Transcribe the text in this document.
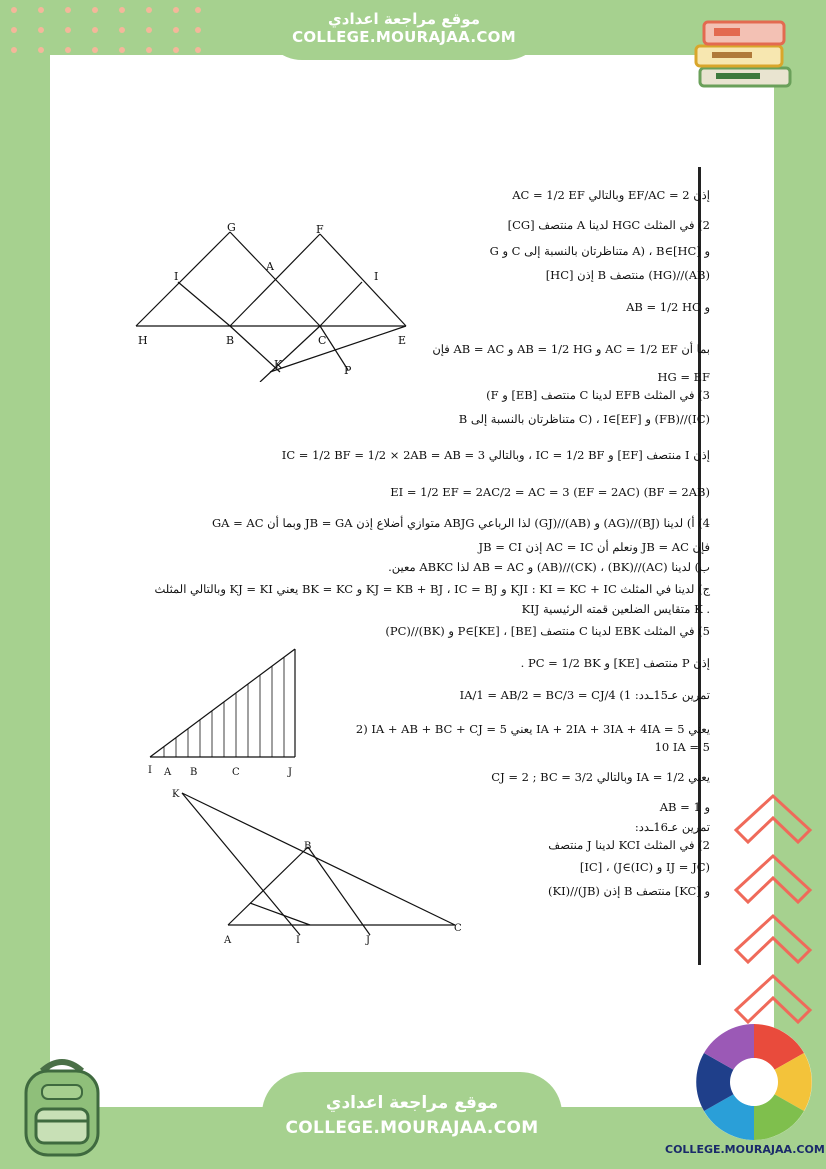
موقع مراجعة اعدادي
COLLEGE.MOURAJAA.COM
G	F
A
I	I
H	B	C	E
K	P
I A B	C	J
K
B
A	I	J
C
إذن EF/AC = 2 وبالتالي AC = 1/2 EF
2) في المثلث HGC لدينا A منتصف [CG]
G و C متناظرتان بالنسبة إلى A) ، B∈[HC] و
[HC] إذن B منتصف (HG)//(AB)
AB = 1/2 HC و
بما أن AC = 1/2 EF و AB = 1/2 HG و AB = AC فإن
HG = EF
3) في المثلث EFB لدينا C منتصف [EB] و F)
B متناظرتان بالنسبة إلى C) ، I∈[EF] و (FB)//(IC)
إذن I منتصف [EF] و IC = 1/2 BF ، وبالتالي IC = 1/2 BF = 1/2 × 2AB = AB = 3
EI = 1/2 EF = 2AC/2 = AC = 3 (EF = 2AC) (BF = 2AB)
4) أ) لدينا (BJ)//(AG) و (AB)//(GJ) لذا الرباعي ABJG متوازي أضلاع إذن JB = GA وبما أن GA = AC
فإن JB = AC ونعلم أن AC = IC إذن JB = CI
ب) لدينا (AC)//(BK) ، (CK)//(AB) و AB = AC لذا ABKC معين.
ج) لدينا في المثلث KJI : KI = KC + IC و KJ = KB + BJ ، IC = BJ و BK = KC يعني KJ = KI وبالتالي المثلث
KIJ متقايس الضلعين قمته الرئيسية K .
5) في المثلث EBK لدينا C منتصف [BE] ، P∈[KE] و (BK)//(PC)
إذن P منتصف [KE] و PC = 1/2 BK .
تمرين عـ15ـدد: 1) IA/1 = AB/2 = BC/3 = CJ/4
2) IA + AB + BC + CJ = 5 يعني IA + 2IA + 3IA + 4IA = 5 يعني
10 IA = 5
يعني IA = 1/2 وبالتالي CJ = 2 ; BC = 3/2
AB = 1 و
تمرين عـ16ـدد:
2) في المثلث KCI لدينا J منتصف
[IC] ، (J∈(IC) و IJ = JC)
(KI)//(JB) إذن B منتصف [KC] و
موقع مراجعة اعدادي
COLLEGE.MOURAJAA.COM
COLLEGE.MOURAJAA.COM
